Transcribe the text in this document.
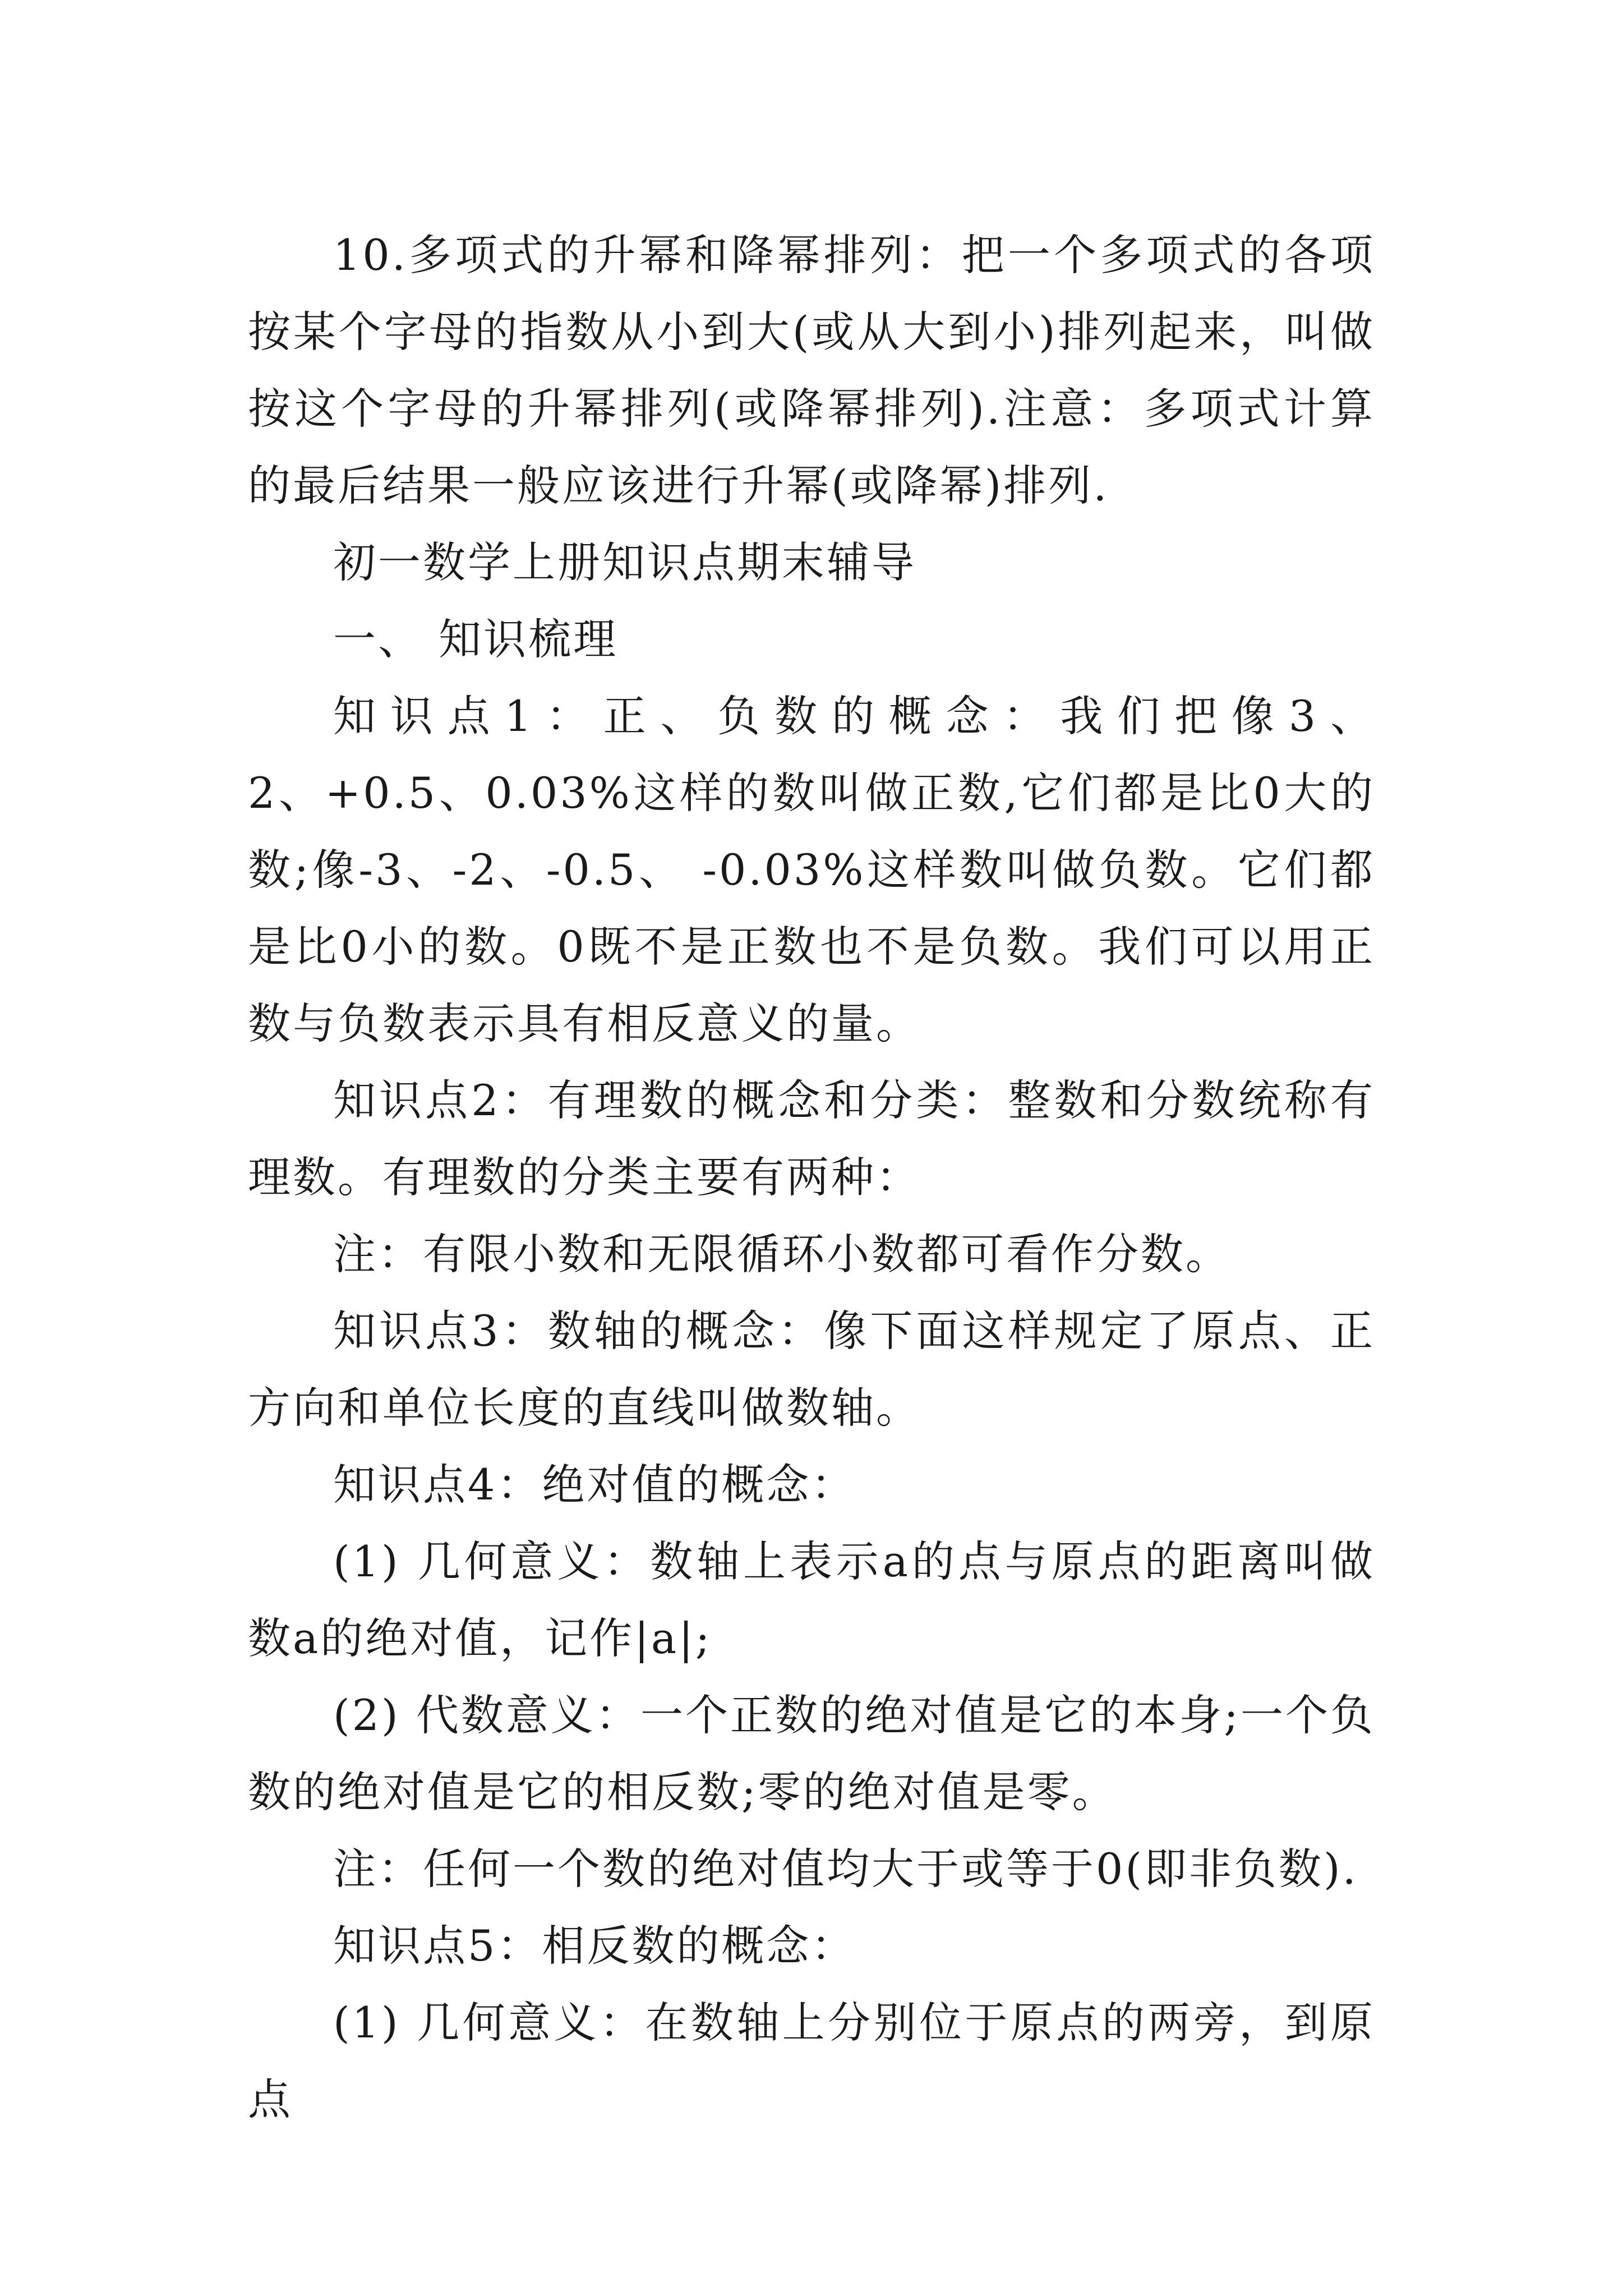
10.多项式的升幂和降幂排列：把一个多项式的各项按某个字母的指数从小到大(或从大到小)排列起来，叫做按这个字母的升幂排列(或降幂排列).注意：多项式计算的最后结果一般应该进行升幂(或降幂)排列.

初一数学上册知识点期末辅导

一、 知识梳理

知识点1：正、负数的概念：我们把像3、2、+0.5、0.03%这样的数叫做正数,它们都是比0大的数;像-3、-2、-0.5、 -0.03%这样数叫做负数。它们都是比0小的数。0既不是正数也不是负数。我们可以用正数与负数表示具有相反意义的量。

知识点2：有理数的概念和分类：整数和分数统称有理数。有理数的分类主要有两种：

注：有限小数和无限循环小数都可看作分数。

知识点3：数轴的概念：像下面这样规定了原点、正方向和单位长度的直线叫做数轴。

知识点4：绝对值的概念：

(1) 几何意义：数轴上表示a的点与原点的距离叫做数a的绝对值，记作|a|;

(2) 代数意义：一个正数的绝对值是它的本身;一个负数的绝对值是它的相反数;零的绝对值是零。

注：任何一个数的绝对值均大于或等于0(即非负数).

知识点5：相反数的概念：

(1) 几何意义：在数轴上分别位于原点的两旁，到原点
